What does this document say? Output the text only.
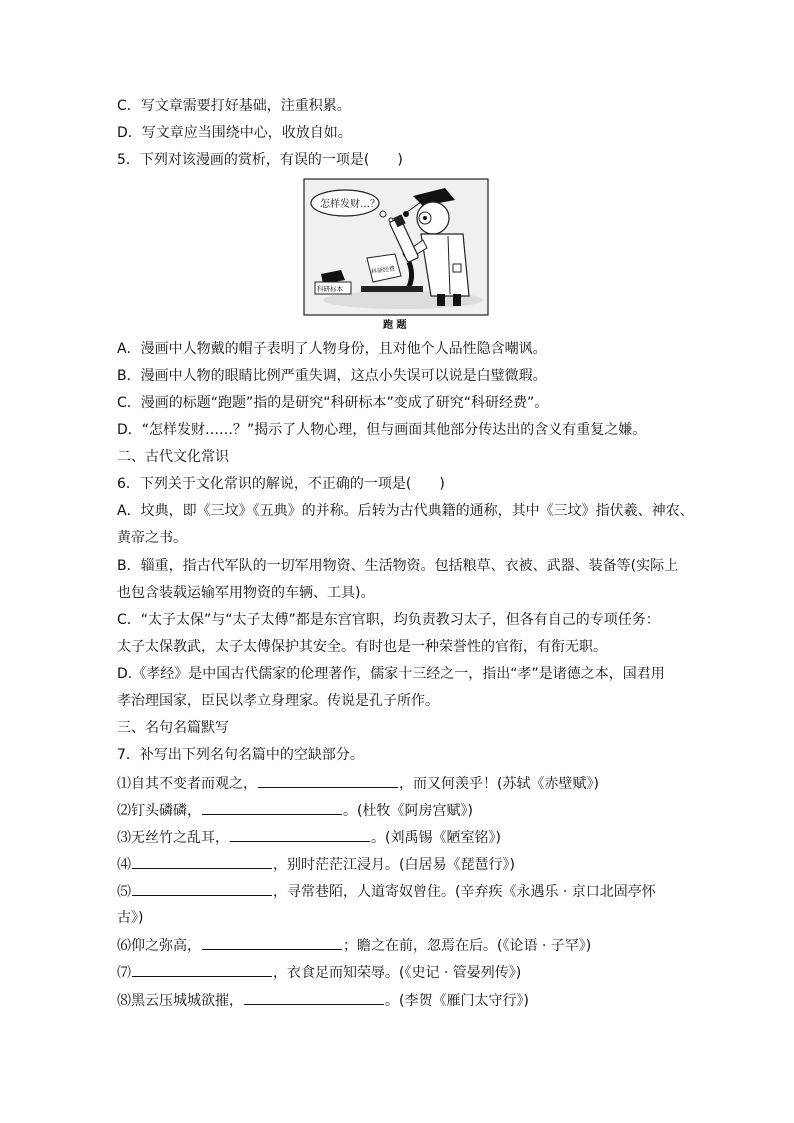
C．写文章需要打好基础，注重积累。
D．写文章应当围绕中心，收放自如。
5．下列对该漫画的赏析，有误的一项是(　　)
怎样发财…？
科研经费
科研标本
跑 题
A．漫画中人物戴的帽子表明了人物身份，且对他个人品性隐含嘲讽。
B．漫画中人物的眼睛比例严重失调，这点小失误可以说是白璧微瑕。
C．漫画的标题“跑题”指的是研究“科研标本”变成了研究“科研经费”。
D．“怎样发财……？”揭示了人物心理，但与画面其他部分传达出的含义有重复之嫌。
二、古代文化常识
6．下列关于文化常识的解说，不正确的一项是(　　)
A．坟典，即《三坟》《五典》的并称。后转为古代典籍的通称，其中《三坟》指伏羲、神农、
黄帝之书。
B．辎重，指古代军队的一切军用物资、生活物资。包括粮草、衣被、武器、装备等(实际上
也包含装载运输军用物资的车辆、工具)。
C．“太子太保”与“太子太傅”都是东宫官职，均负责教习太子，但各有自己的专项任务：
太子太保教武，太子太傅保护其安全。有时也是一种荣誉性的官衔，有衔无职。
D.《孝经》是中国古代儒家的伦理著作，儒家十三经之一，指出“孝”是诸德之本，国君用
孝治理国家，臣民以孝立身理家。传说是孔子所作。
三、名句名篇默写
7．补写出下列名句名篇中的空缺部分。
⑴自其不变者而观之，	，而又何羡乎！(苏轼《赤壁赋》)
⑵钉头磷磷，	。(杜牧《阿房宫赋》)
⑶无丝竹之乱耳，	。(刘禹锡《陋室铭》)
⑷	，别时茫茫江浸月。(白居易《琵琶行》)
⑸	，寻常巷陌，人道寄奴曾住。(辛弃疾《永遇乐 · 京口北固亭怀
古》)
⑹仰之弥高，	；瞻之在前，忽焉在后。(《论语 · 子罕》)
⑺	，衣食足而知荣辱。(《史记 · 管晏列传》)
⑻黑云压城城欲摧，	。(李贺《雁门太守行》)
